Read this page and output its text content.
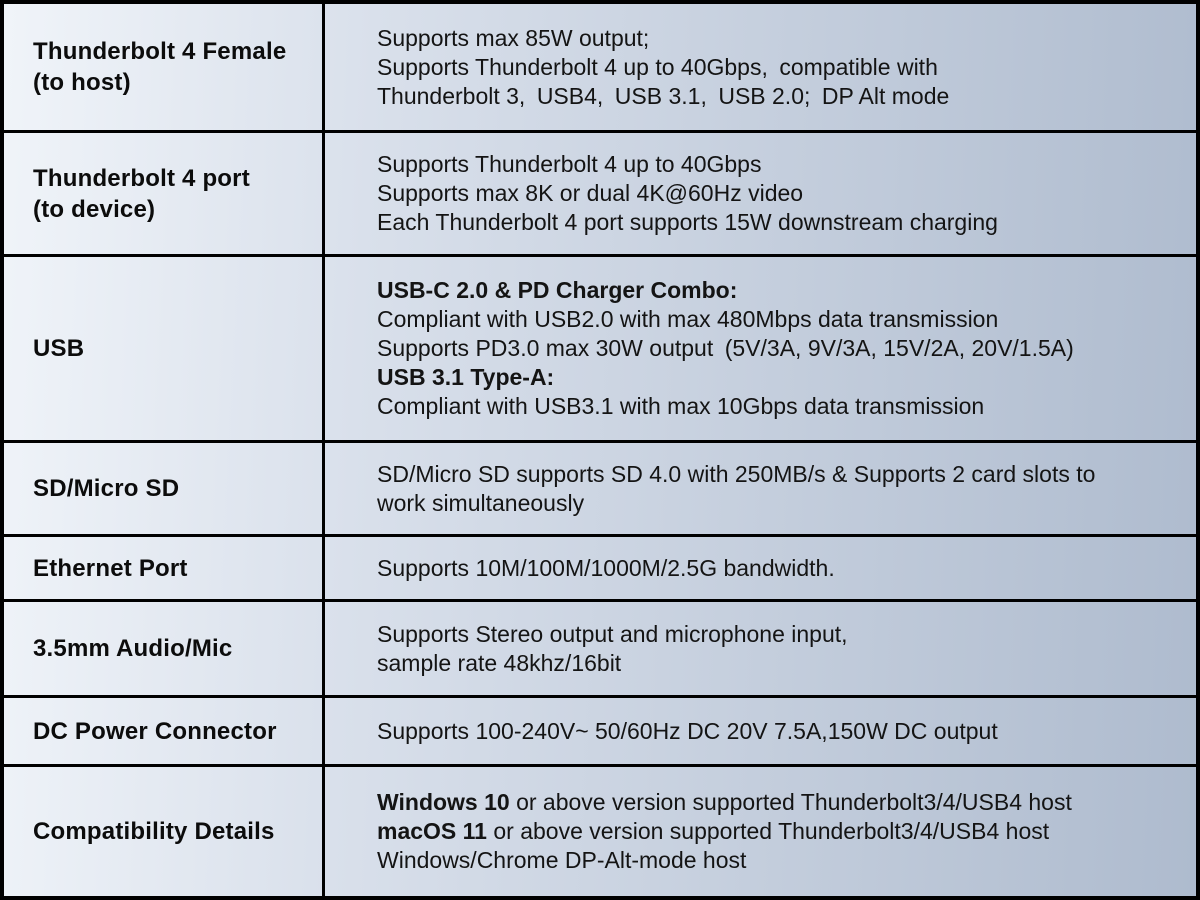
Thunderbolt 4 Female
(to host)
Supports max 85W output;
Supports Thunderbolt 4 up to 40Gbps, compatible with
Thunderbolt 3, USB4, USB 3.1, USB 2.0; DP Alt mode
Thunderbolt 4 port
(to device)
Supports Thunderbolt 4 up to 40Gbps
Supports max 8K or dual 4K@60Hz video
Each Thunderbolt 4 port supports 15W downstream charging
USB
USB-C 2.0 & PD Charger Combo:
Compliant with USB2.0 with max 480Mbps data transmission
Supports PD3.0 max 30W output (5V/3A, 9V/3A, 15V/2A, 20V/1.5A)
USB 3.1 Type-A:
Compliant with USB3.1 with max 10Gbps data transmission
SD/Micro SD
SD/Micro SD supports SD 4.0 with 250MB/s & Supports 2 card slots to
work simultaneously
Ethernet Port	Supports 10M/100M/1000M/2.5G bandwidth.
3.5mm Audio/Mic
Supports Stereo output and microphone input,
sample rate 48khz/16bit
DC Power Connector	Supports 100-240V~ 50/60Hz DC 20V 7.5A,150W DC output
Compatibility Details
Windows 10 or above version supported Thunderbolt3/4/USB4 host
macOS 11 or above version supported Thunderbolt3/4/USB4 host
Windows/Chrome DP-Alt-mode host
